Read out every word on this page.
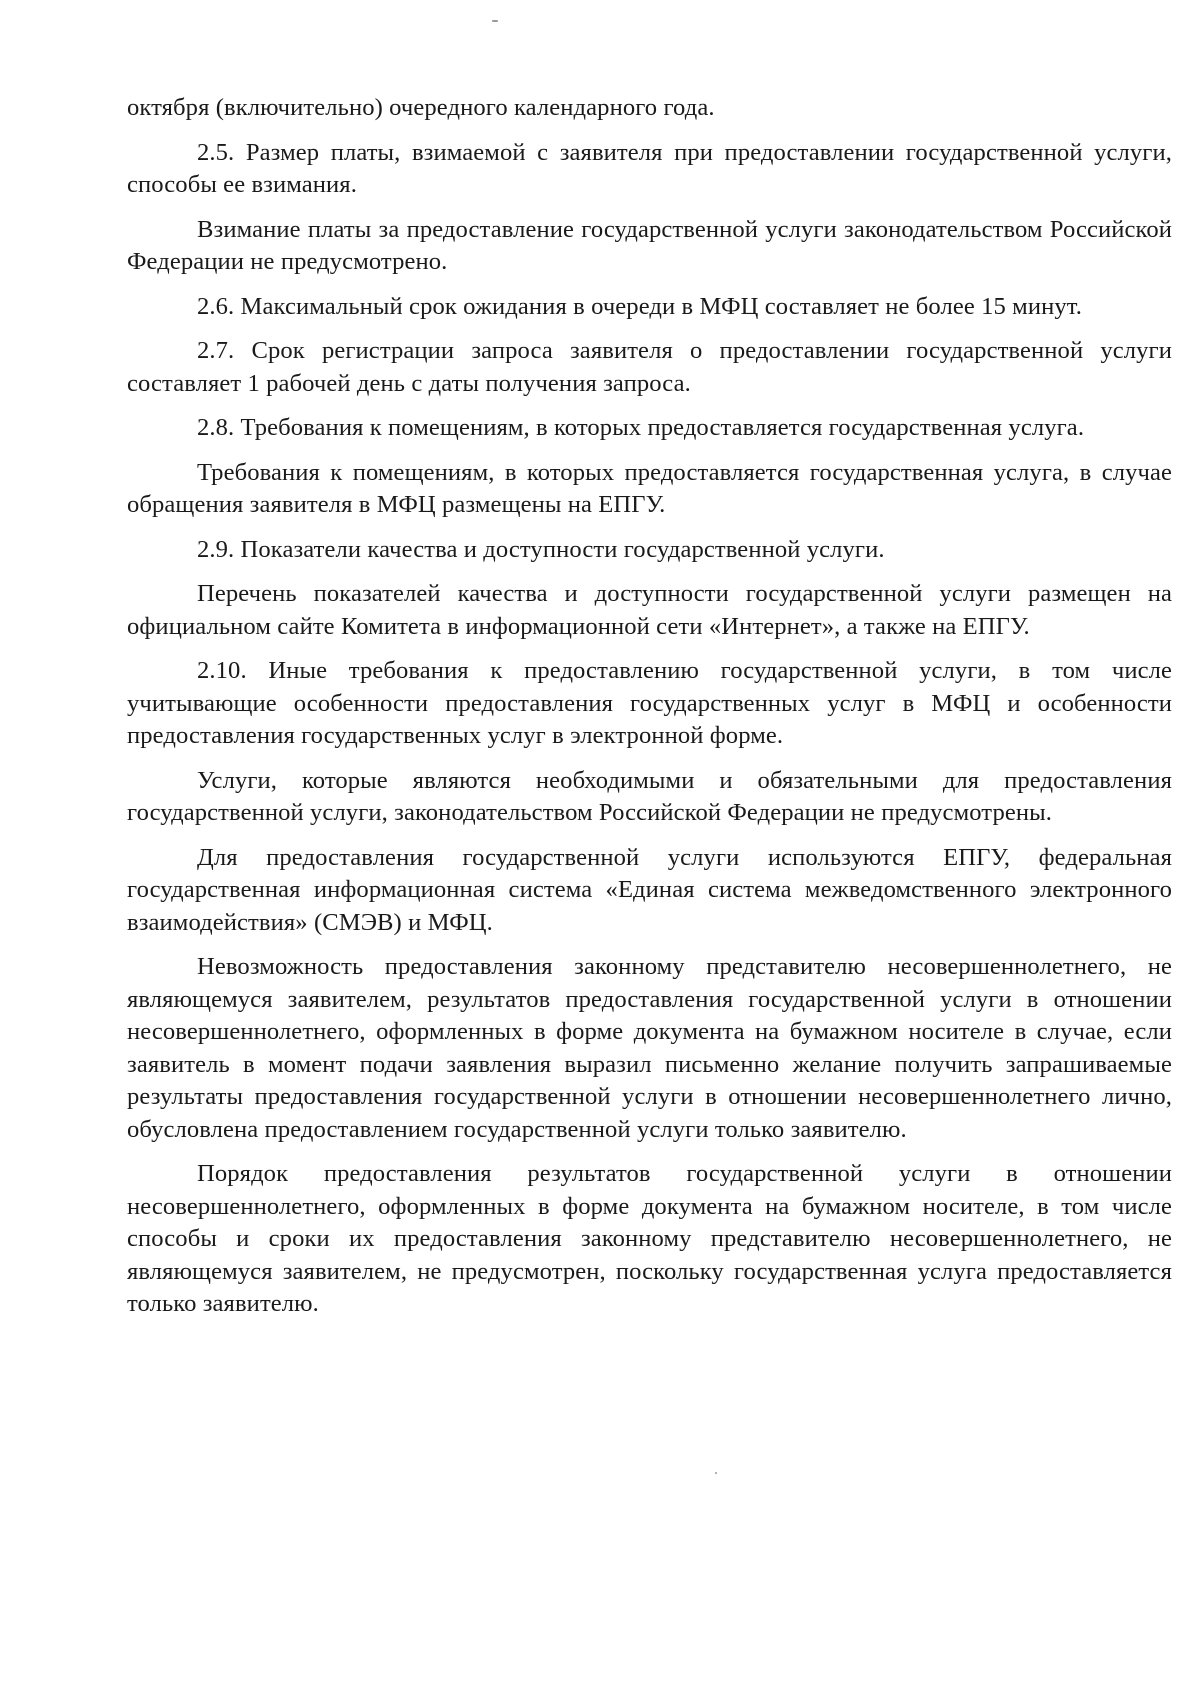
октября (включительно) очередного календарного года.

2.5. Размер платы, взимаемой с заявителя при предоставлении государственной услуги, способы ее взимания.

Взимание платы за предоставление государственной услуги законодательством Российской Федерации не предусмотрено.

2.6. Максимальный срок ожидания в очереди в МФЦ составляет не более 15 минут.

2.7. Срок регистрации запроса заявителя о предоставлении государственной услуги составляет 1 рабочей день с даты получения запроса.

2.8. Требования к помещениям, в которых предоставляется государственная услуга.

Требования к помещениям, в которых предоставляется государственная услуга, в случае обращения заявителя в МФЦ размещены на ЕПГУ.

2.9. Показатели качества и доступности государственной услуги.

Перечень показателей качества и доступности государственной услуги размещен на официальном сайте Комитета в информационной сети «Интернет», а также на ЕПГУ.

2.10. Иные требования к предоставлению государственной услуги, в том числе учитывающие особенности предоставления государственных услуг в МФЦ и особенности предоставления государственных услуг в электронной форме.

Услуги, которые являются необходимыми и обязательными для предоставления государственной услуги, законодательством Российской Федерации не предусмотрены.

Для предоставления государственной услуги используются ЕПГУ, федеральная государственная информационная система «Единая система межведомственного электронного взаимодействия» (СМЭВ) и МФЦ.

Невозможность предоставления законному представителю несовершеннолетнего, не являющемуся заявителем, результатов предоставления государственной услуги в отношении несовершеннолетнего, оформленных в форме документа на бумажном носителе в случае, если заявитель в момент подачи заявления выразил письменно желание получить запрашиваемые результаты предоставления государственной услуги в отношении несовершеннолетнего лично, обусловлена предоставлением государственной услуги только заявителю.

Порядок предоставления результатов государственной услуги в отношении несовершеннолетнего, оформленных в форме документа на бумажном носителе, в том числе способы и сроки их предоставления законному представителю несовершеннолетнего, не являющемуся заявителем, не предусмотрен, поскольку государственная услуга предоставляется только заявителю.
